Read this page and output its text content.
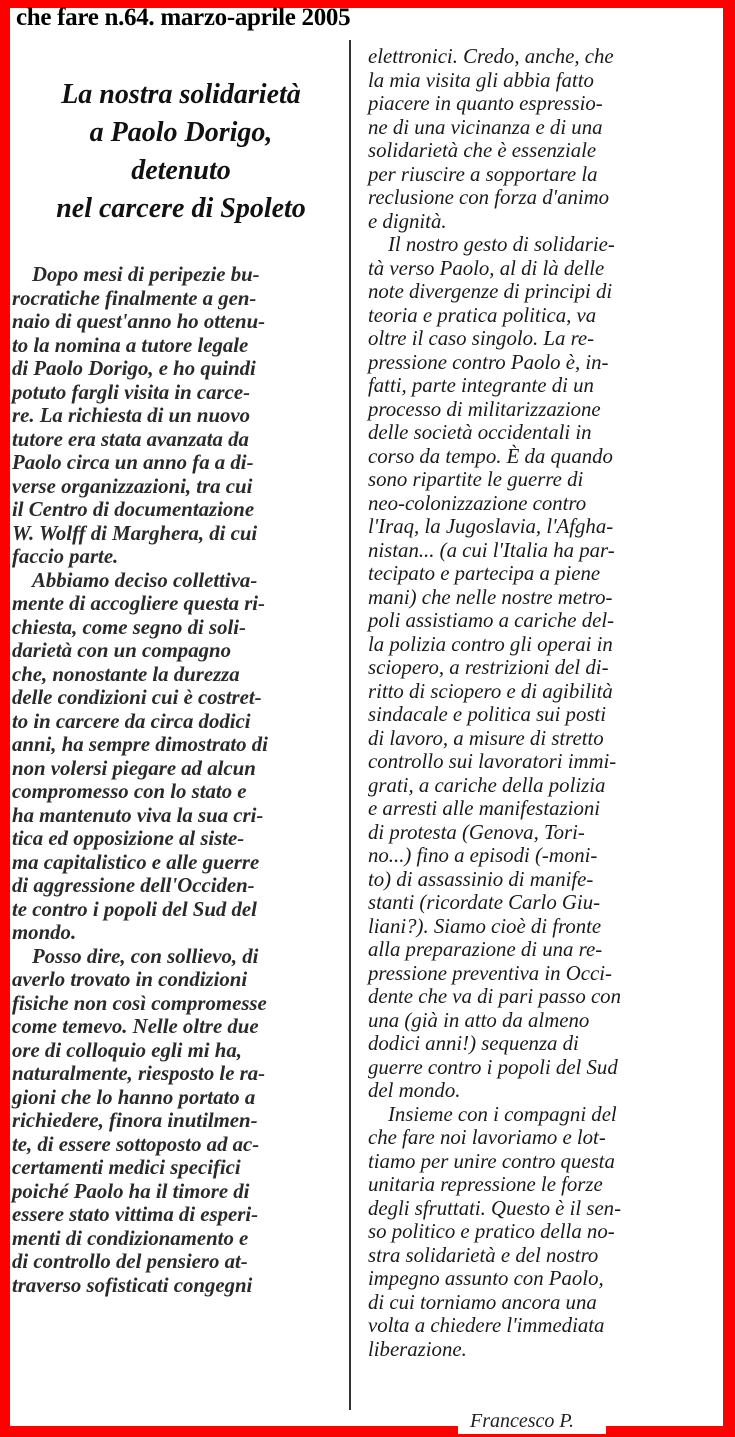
che fare n.64. marzo-aprile 2005
La nostra solidarietà
a Paolo Dorigo,
detenuto
nel carcere di Spoleto
Dopo mesi di peripezie bu-
rocratiche finalmente a gen-
naio di quest'anno ho ottenu-
to la nomina a tutore legale
di Paolo Dorigo, e ho quindi
potuto fargli visita in carce-
re. La richiesta di un nuovo
tutore era stata avanzata da
Paolo circa un anno fa a di-
verse organizzazioni, tra cui
il Centro di documentazione
W. Wolff di Marghera, di cui
faccio parte.
Abbiamo deciso collettiva-
mente di accogliere questa ri-
chiesta, come segno di soli-
darietà con un compagno
che, nonostante la durezza
delle condizioni cui è costret-
to in carcere da circa dodici
anni, ha sempre dimostrato di
non volersi piegare ad alcun
compromesso con lo stato e
ha mantenuto viva la sua cri-
tica ed opposizione al siste-
ma capitalistico e alle guerre
di aggressione dell'Occiden-
te contro i popoli del Sud del
mondo.
Posso dire, con sollievo, di
averlo trovato in condizioni
fisiche non così compromesse
come temevo. Nelle oltre due
ore di colloquio egli mi ha,
naturalmente, riesposto le ra-
gioni che lo hanno portato a
richiedere, finora inutilmen-
te, di essere sottoposto ad ac-
certamenti medici specifici
poiché Paolo ha il timore di
essere stato vittima di esperi-
menti di condizionamento e
di controllo del pensiero at-
traverso sofisticati congegni
elettronici. Credo, anche, che
la mia visita gli abbia fatto
piacere in quanto espressio-
ne di una vicinanza e di una
solidarietà che è essenziale
per riuscire a sopportare la
reclusione con forza d'animo
e dignità.
Il nostro gesto di solidarie-
tà verso Paolo, al di là delle
note divergenze di principi di
teoria e pratica politica, va
oltre il caso singolo. La re-
pressione contro Paolo è, in-
fatti, parte integrante di un
processo di militarizzazione
delle società occidentali in
corso da tempo. È da quando
sono ripartite le guerre di
neo-colonizzazione contro
l'Iraq, la Jugoslavia, l'Afgha-
nistan... (a cui l'Italia ha par-
tecipato e partecipa a piene
mani) che nelle nostre metro-
poli assistiamo a cariche del-
la polizia contro gli operai in
sciopero, a restrizioni del di-
ritto di sciopero e di agibilità
sindacale e politica sui posti
di lavoro, a misure di stretto
controllo sui lavoratori immi-
grati, a cariche della polizia
e arresti alle manifestazioni
di protesta (Genova, Tori-
no...) fino a episodi (-moni-
to) di assassinio di manife-
stanti (ricordate Carlo Giu-
liani?). Siamo cioè di fronte
alla preparazione di una re-
pressione preventiva in Occi-
dente che va di pari passo con
una (già in atto da almeno
dodici anni!) sequenza di
guerre contro i popoli del Sud
del mondo.
Insieme con i compagni del
che fare noi lavoriamo e lot-
tiamo per unire contro questa
unitaria repressione le forze
degli sfruttati. Questo è il sen-
so politico e pratico della no-
stra solidarietà e del nostro
impegno assunto con Paolo,
di cui torniamo ancora una
volta a chiedere l'immediata
liberazione.
Francesco P.
